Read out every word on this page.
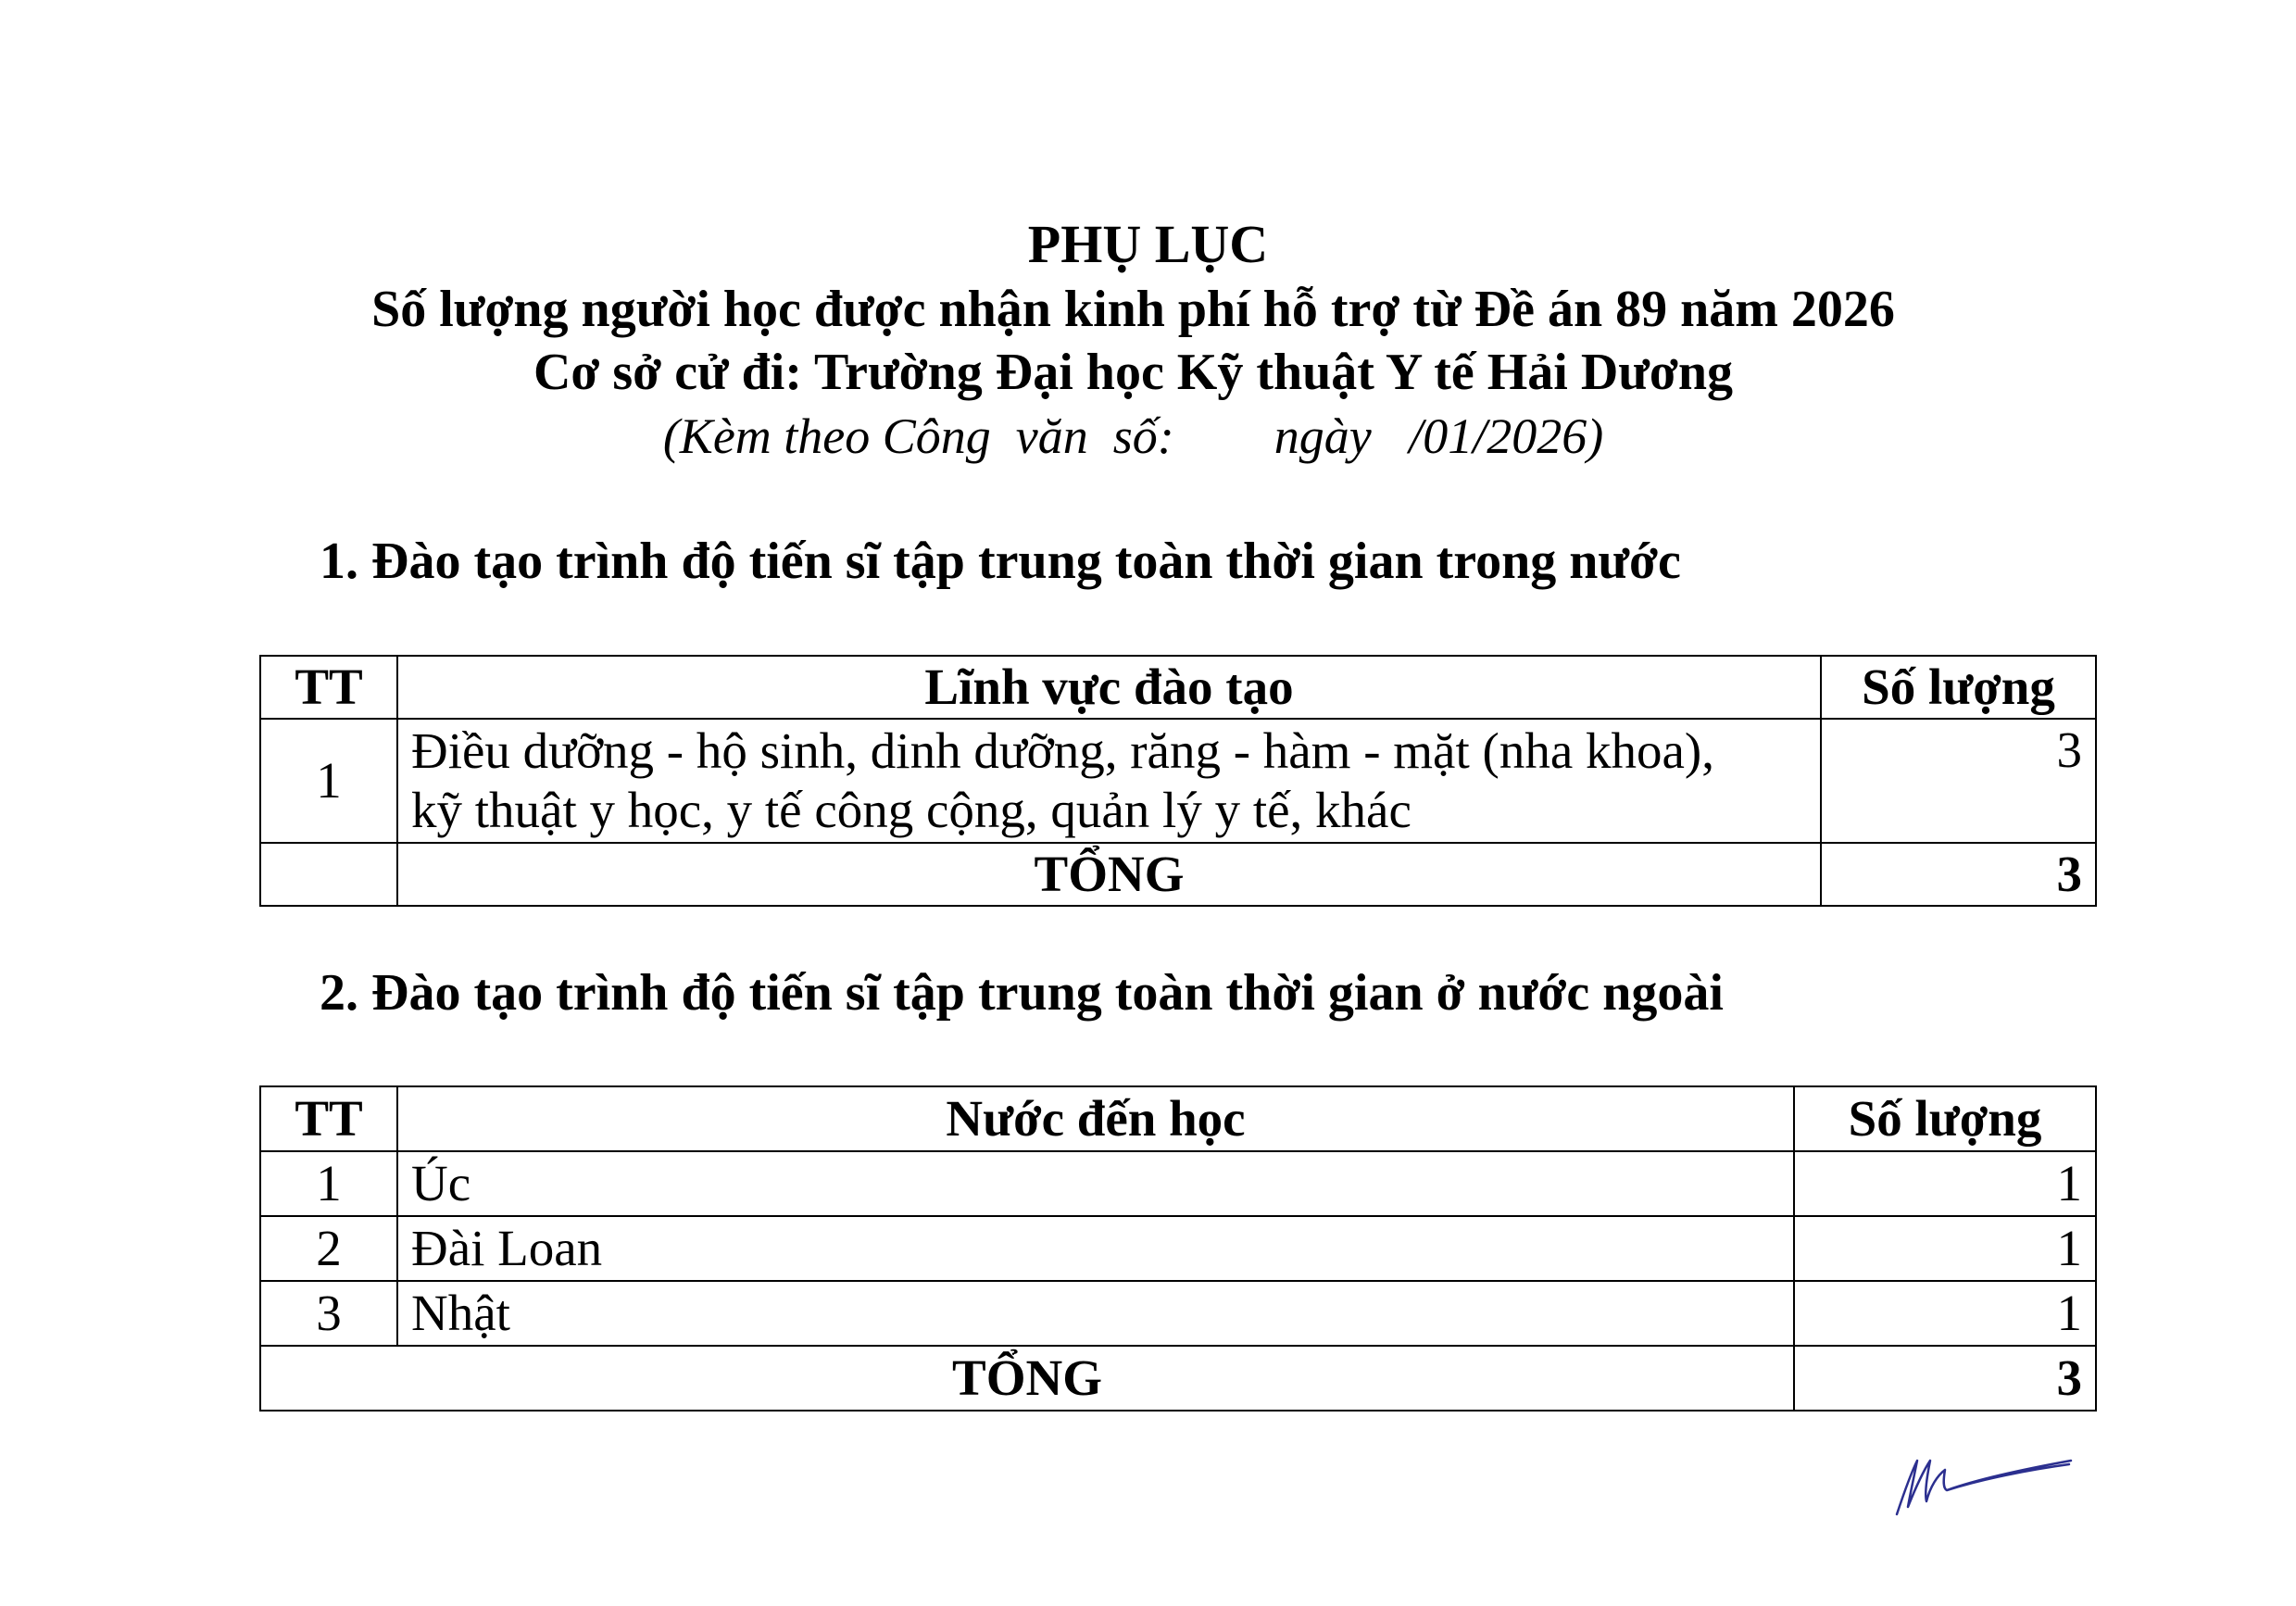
PHỤ LỤC
Số lượng người học được nhận kinh phí hỗ trợ từ Đề án 89 năm 2026
Cơ sở cử đi: Trường Đại học Kỹ thuật Y tế Hải Dương
(Kèm theo Công  văn  số:        ngày   /01/2026)
1. Đào tạo trình độ tiến sĩ tập trung toàn thời gian trong nước
TT	Lĩnh vực đào tạo	Số lượng
1	Điều dưỡng - hộ sinh, dinh dưỡng, răng - hàm - mặt (nha khoa),
kỹ thuật y học, y tế công cộng, quản lý y tế, khác	3
	TỔNG	3
2. Đào tạo trình độ tiến sĩ tập trung toàn thời gian ở nước ngoài
TT	Nước đến học	Số lượng
1	Úc	1
2	Đài Loan	1
3	Nhật	1
TỔNG		3
